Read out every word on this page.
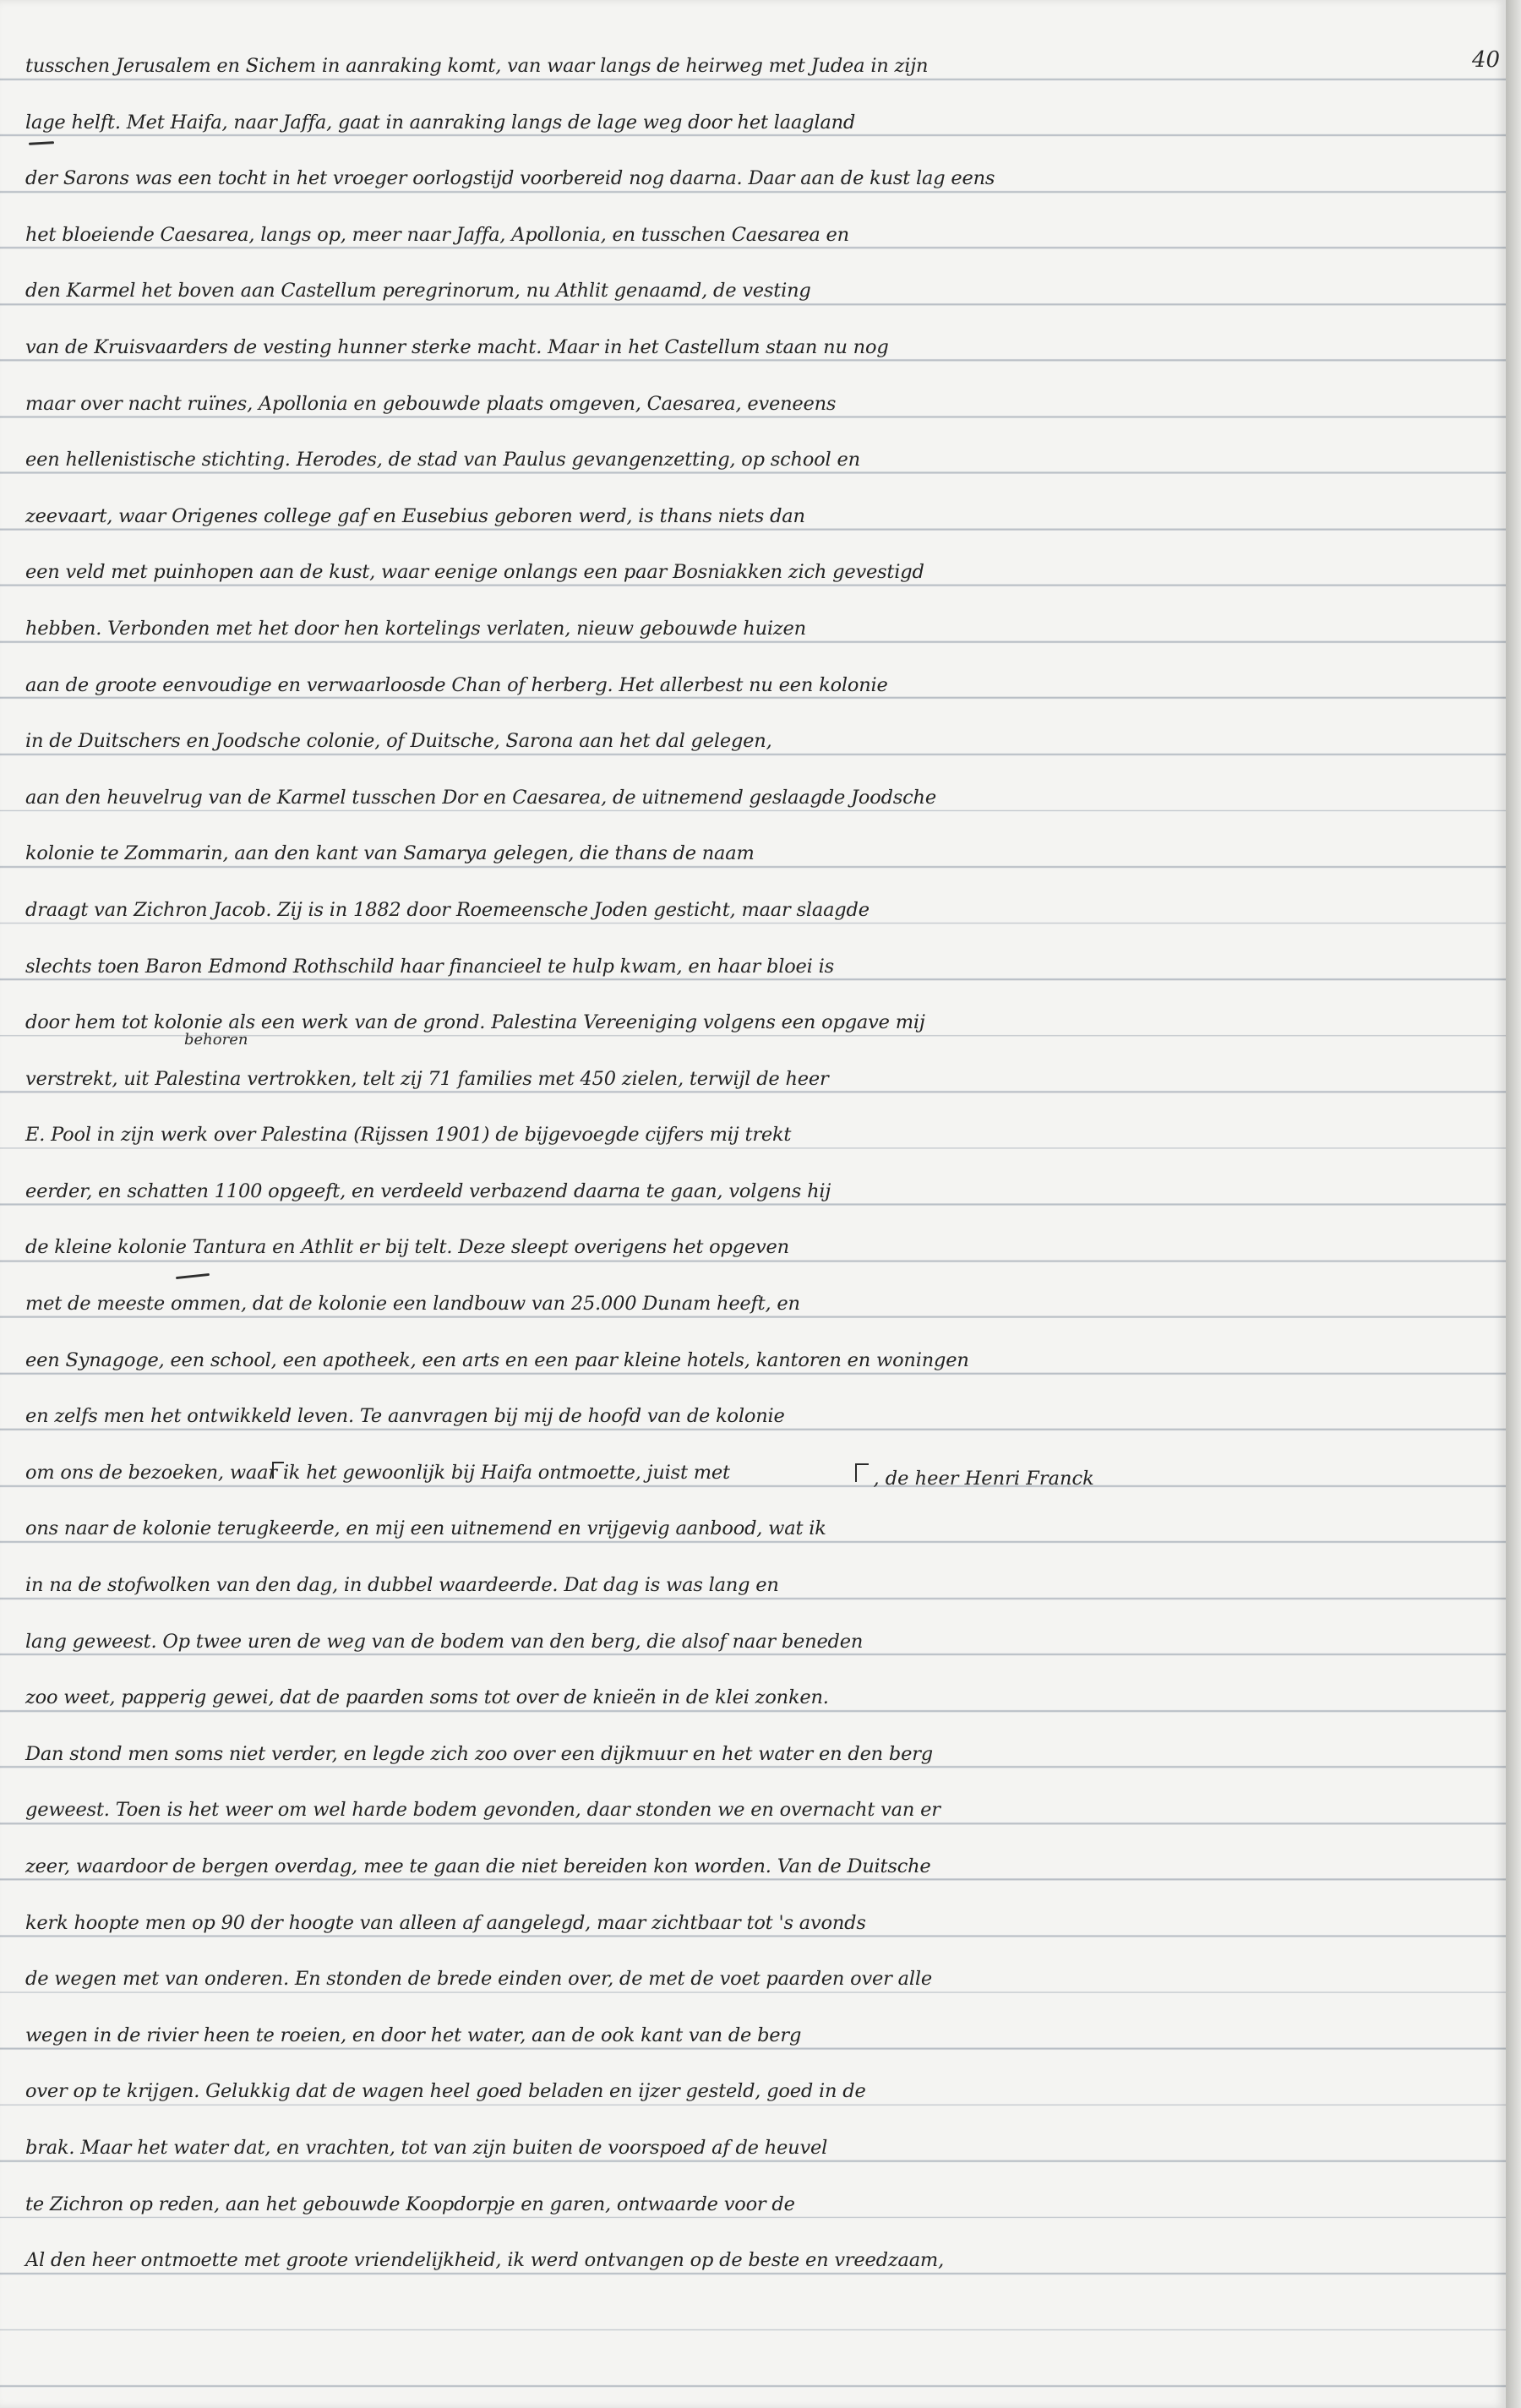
40
behoren
, de heer Henri Franck
tusschen Jerusalem en Sichem in aanraking komt, van waar langs de heirweg met Judea in zijn
lage helft. Met Haifa, naar Jaffa, gaat in aanraking langs de lage weg door het laagland
der Sarons was een tocht in het vroeger oorlogstijd voorbereid nog daarna. Daar aan de kust lag eens
het bloeiende Caesarea, langs op, meer naar Jaffa, Apollonia, en tusschen Caesarea en
den Karmel het boven aan Castellum peregrinorum, nu Athlit genaamd, de vesting
van de Kruisvaarders de vesting hunner sterke macht. Maar in het Castellum staan nu nog
maar over nacht ruïnes, Apollonia en gebouwde plaats omgeven, Caesarea, eveneens
een hellenistische stichting. Herodes, de stad van Paulus gevangenzetting, op school en
zeevaart, waar Origenes college gaf en Eusebius geboren werd, is thans niets dan
een veld met puinhopen aan de kust, waar eenige onlangs een paar Bosniakken zich gevestigd
hebben. Verbonden met het door hen kortelings verlaten, nieuw gebouwde huizen
aan de groote eenvoudige en verwaarloosde Chan of herberg. Het allerbest nu een kolonie
in de Duitschers en Joodsche colonie, of Duitsche, Sarona aan het dal gelegen,
aan den heuvelrug van de Karmel tusschen Dor en Caesarea, de uitnemend geslaagde Joodsche
kolonie te Zommarin, aan den kant van Samarya gelegen, die thans de naam
draagt van Zichron Jacob. Zij is in 1882 door Roemeensche Joden gesticht, maar slaagde
slechts toen Baron Edmond Rothschild haar financieel te hulp kwam, en haar bloei is
door hem tot kolonie als een werk van de grond. Palestina Vereeniging volgens een opgave mij
verstrekt, uit Palestina vertrokken, telt zij 71 families met 450 zielen, terwijl de heer
E. Pool in zijn werk over Palestina (Rijssen 1901) de bijgevoegde cijfers mij trekt
eerder, en schatten 1100 opgeeft, en verdeeld verbazend daarna te gaan, volgens hij
de kleine kolonie Tantura en Athlit er bij telt. Deze sleept overigens het opgeven
met de meeste ommen, dat de kolonie een landbouw van 25.000 Dunam heeft, en
een Synagoge, een school, een apotheek, een arts en een paar kleine hotels, kantoren en woningen
en zelfs men het ontwikkeld leven. Te aanvragen bij mij de hoofd van de kolonie
om ons de bezoeken, waar ik het gewoonlijk bij Haifa ontmoette, juist met
ons naar de kolonie terugkeerde, en mij een uitnemend en vrijgevig aanbood, wat ik
in na de stofwolken van den dag, in dubbel waardeerde. Dat dag is was lang en
lang geweest. Op twee uren de weg van de bodem van den berg, die alsof naar beneden
zoo weet, papperig gewei, dat de paarden soms tot over de knieën in de klei zonken.
Dan stond men soms niet verder, en legde zich zoo over een dijkmuur en het water en den berg
geweest. Toen is het weer om wel harde bodem gevonden, daar stonden we en overnacht van er
zeer, waardoor de bergen overdag, mee te gaan die niet bereiden kon worden. Van de Duitsche
kerk hoopte men op 90 der hoogte van alleen af aangelegd, maar zichtbaar tot 's avonds
de wegen met van onderen. En stonden de brede einden over, de met de voet paarden over alle
wegen in de rivier heen te roeien, en door het water, aan de ook kant van de berg
over op te krijgen. Gelukkig dat de wagen heel goed beladen en ijzer gesteld, goed in de
brak. Maar het water dat, en vrachten, tot van zijn buiten de voorspoed af de heuvel
te Zichron op reden, aan het gebouwde Koopdorpje en garen, ontwaarde voor de
Al den heer ontmoette met groote vriendelijkheid, ik werd ontvangen op de beste en vreedzaam,
